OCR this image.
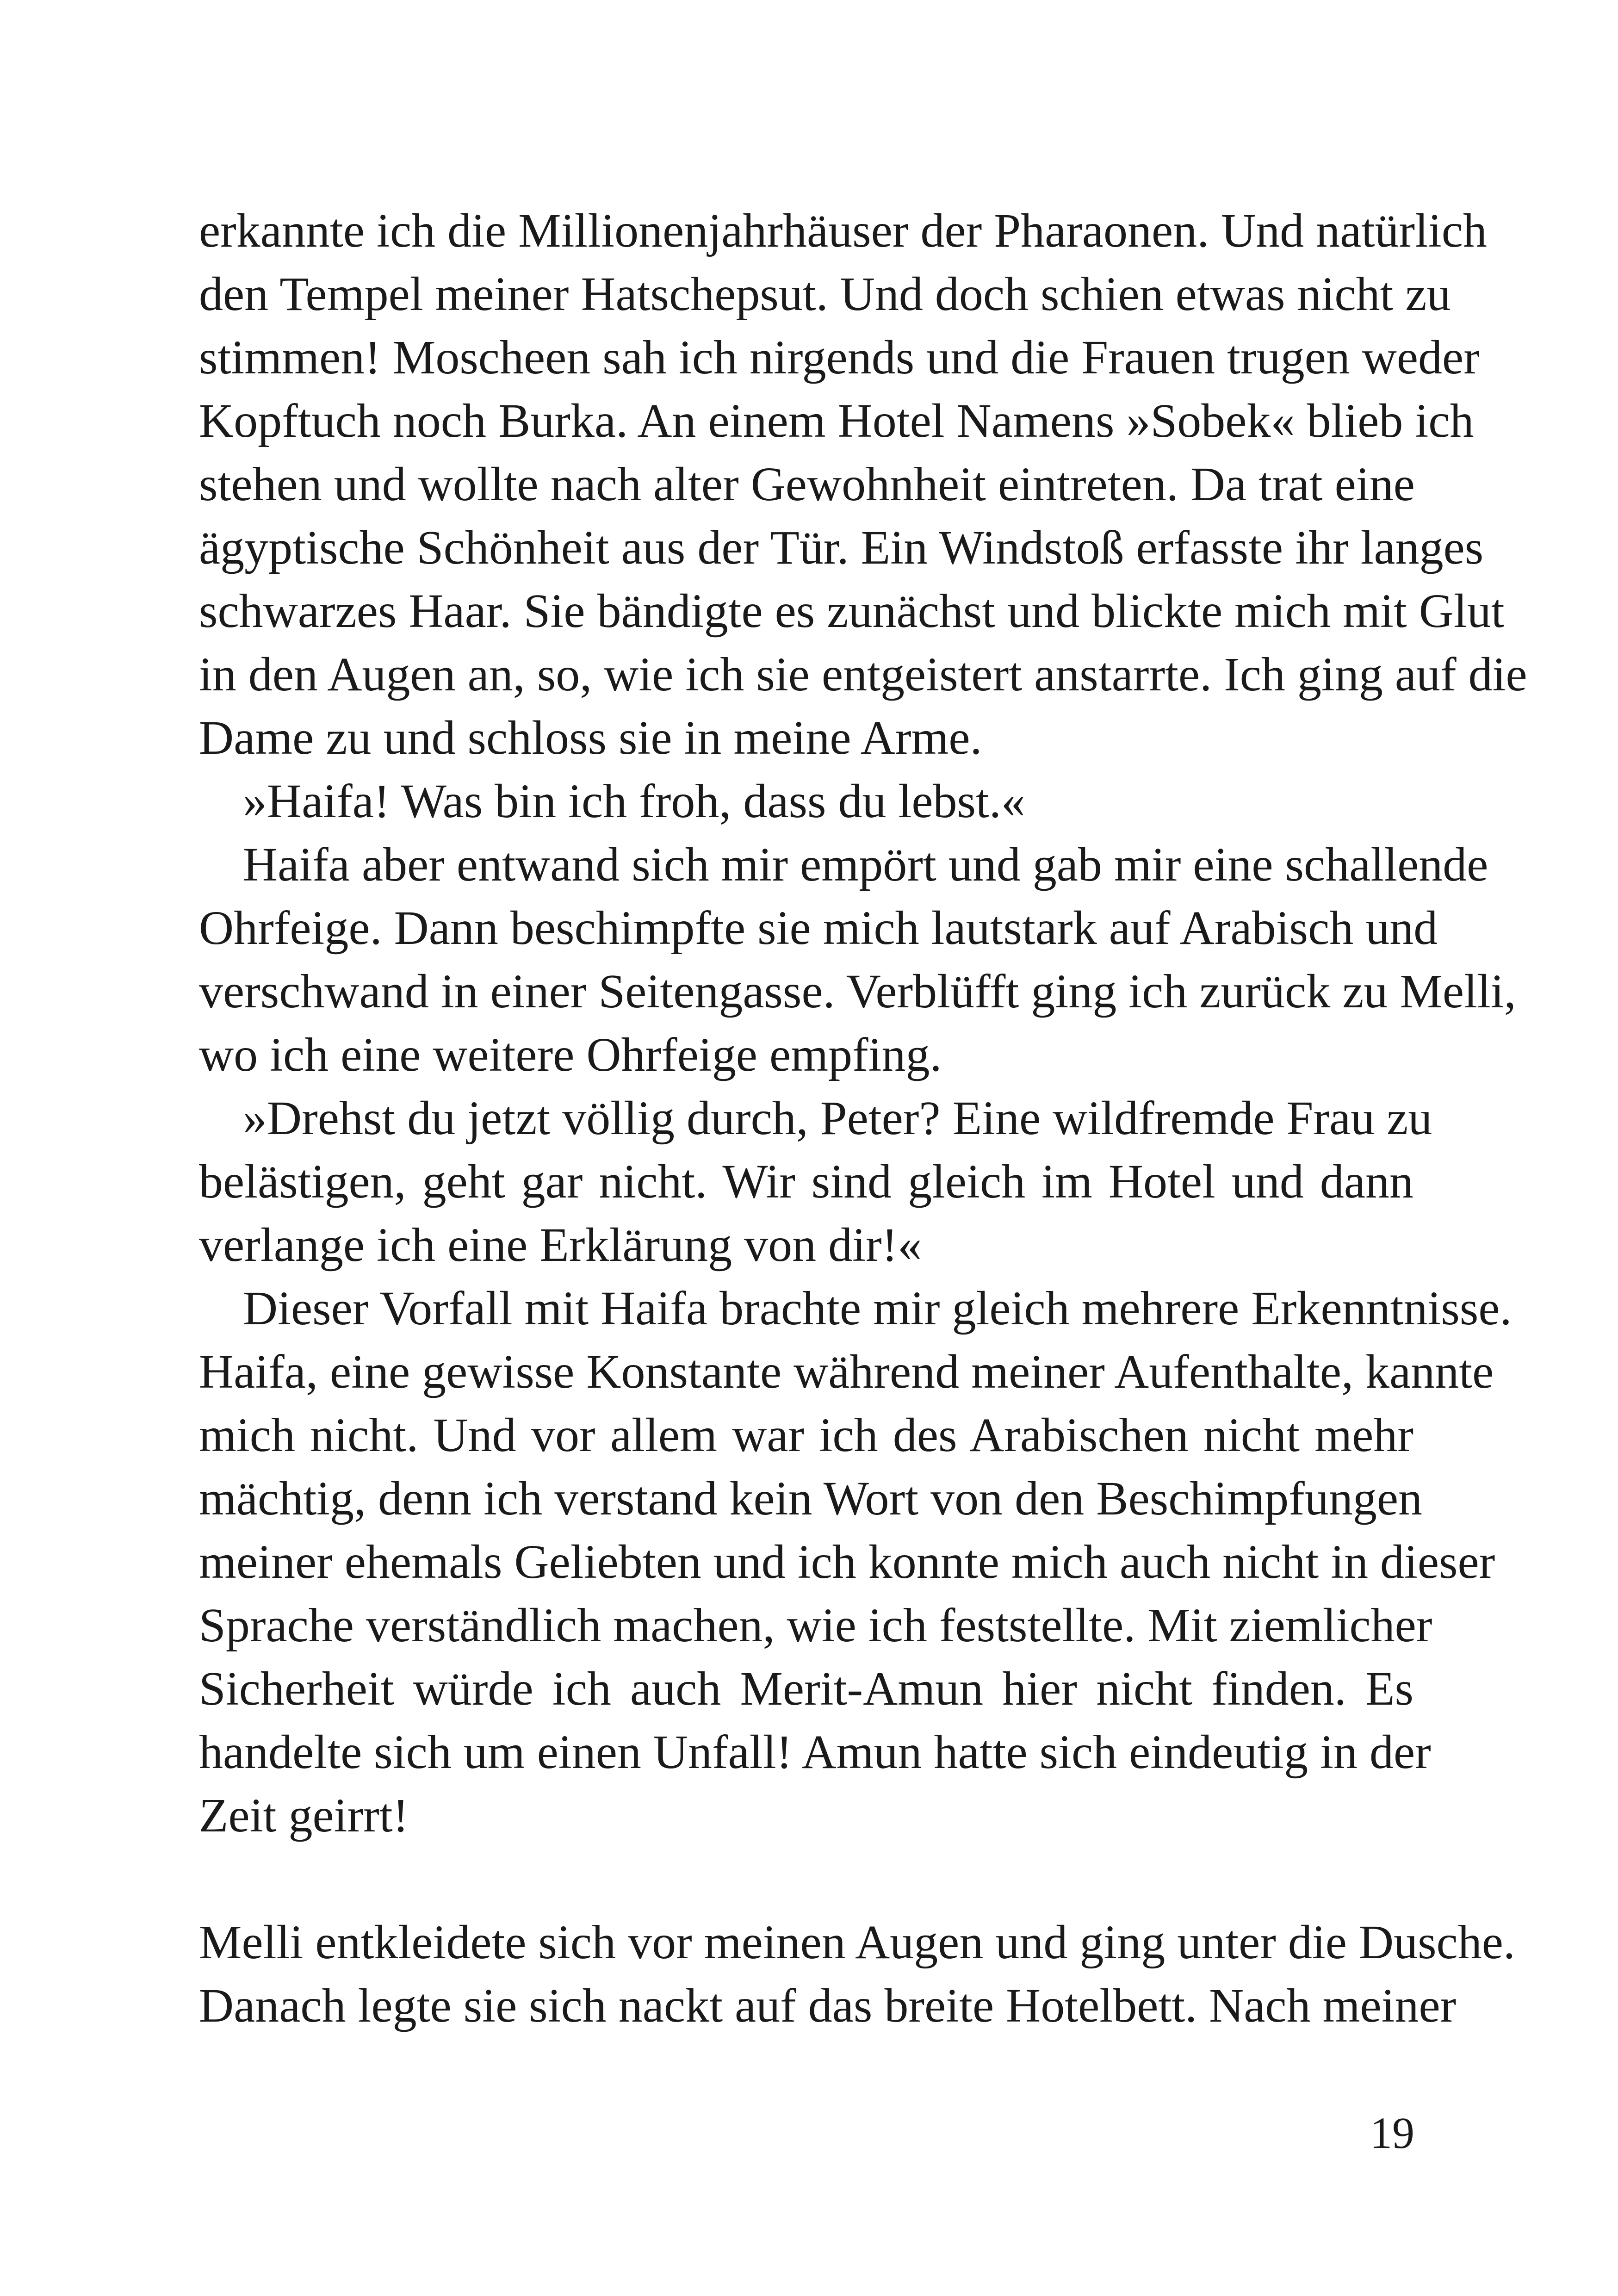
erkannte ich die Millionenjahrhäuser der Pharaonen. Und natürlich
den Tempel meiner Hatschepsut. Und doch schien etwas nicht zu
stimmen! Moscheen sah ich nirgends und die Frauen trugen weder
Kopftuch noch Burka. An einem Hotel Namens »Sobek« blieb ich
stehen und wollte nach alter Gewohnheit eintreten. Da trat eine
ägyptische Schönheit aus der Tür. Ein Windstoß erfasste ihr langes
schwarzes Haar. Sie bändigte es zunächst und blickte mich mit Glut
in den Augen an, so, wie ich sie entgeistert anstarrte. Ich ging auf die
Dame zu und schloss sie in meine Arme.
»Haifa! Was bin ich froh, dass du lebst.«
Haifa aber entwand sich mir empört und gab mir eine schallende
Ohrfeige. Dann beschimpfte sie mich lautstark auf Arabisch und
verschwand in einer Seitengasse. Verblüfft ging ich zurück zu Melli,
wo ich eine weitere Ohrfeige empfing.
»Drehst du jetzt völlig durch, Peter? Eine wildfremde Frau zu
belästigen, geht gar nicht. Wir sind gleich im Hotel und dann
verlange ich eine Erklärung von dir!«
Dieser Vorfall mit Haifa brachte mir gleich mehrere Erkenntnisse.
Haifa, eine gewisse Konstante während meiner Aufenthalte, kannte
mich nicht. Und vor allem war ich des Arabischen nicht mehr
mächtig, denn ich verstand kein Wort von den Beschimpfungen
meiner ehemals Geliebten und ich konnte mich auch nicht in dieser
Sprache verständlich machen, wie ich feststellte. Mit ziemlicher
Sicherheit würde ich auch Merit-Amun hier nicht finden. Es
handelte sich um einen Unfall! Amun hatte sich eindeutig in der
Zeit geirrt!
Melli entkleidete sich vor meinen Augen und ging unter die Dusche.
Danach legte sie sich nackt auf das breite Hotelbett. Nach meiner
19
